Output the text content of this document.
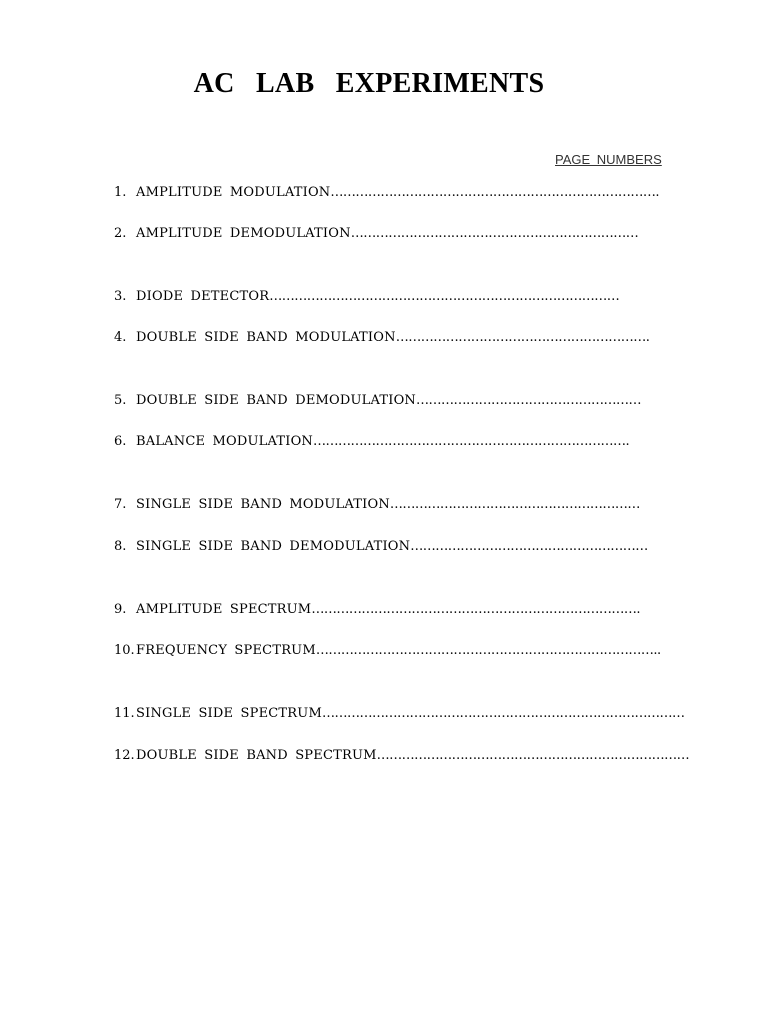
AC LAB EXPERIMENTS
PAGE NUMBERS
1. AMPLITUDE MODULATION …………………………………………………………………….
2. AMPLITUDE DEMODULATION ……………………………………………………………
3. DIODE DETECTOR …………………………………………………………………………
4. DOUBLE SIDE BAND MODULATION …………………………………………………….
5. DOUBLE SIDE BAND DEMODULATION ………………………………………………
6. BALANCE MODULATION ………………………………………………………………….
7. SINGLE SIDE BAND MODULATION ……………………………………………………
8. SINGLE SIDE BAND DEMODULATION …………………………………………………
9. AMPLITUDE SPECTRUM …………………………………………………………………….
10. FREQUENCY SPECTRUM ………………………………………………………………………..
11. SINGLE SIDE SPECTRUM ……………………………………………………………………………
12. DOUBLE SIDE BAND SPECTRUM …………………………………………………………………
